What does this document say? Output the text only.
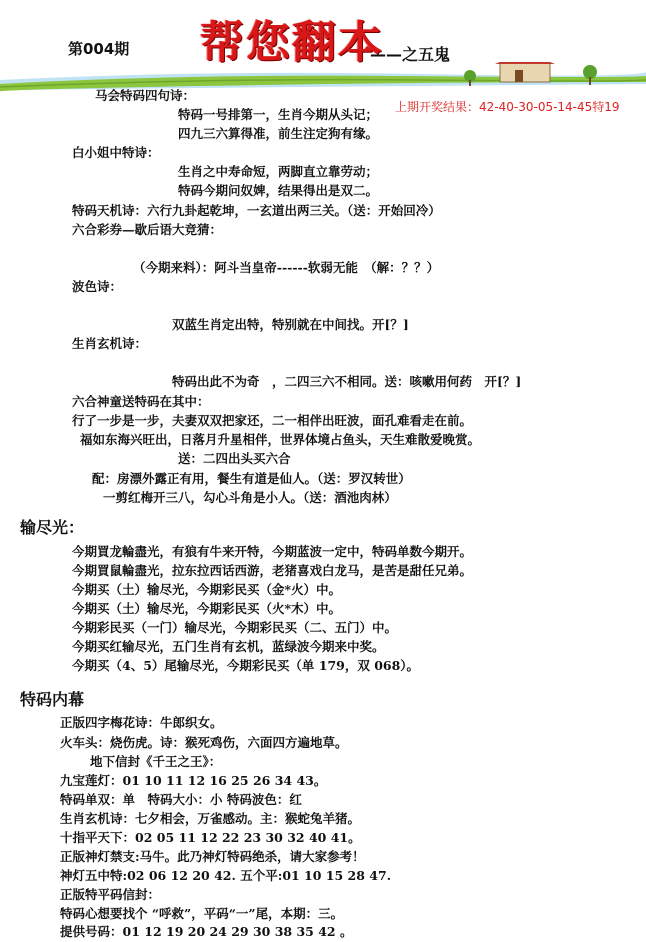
第004期 帮您翻本
——之五鬼
上期开奖结果：42-40-30-05-14-45特19
马会特码四句诗：
特码一号排第一，生肖今期从头记；
四九三六算得准，前生注定狗有缘。
白小姐中特诗：
生肖之中寿命短，两脚直立靠劳动；
特码今期问奴婢，结果得出是双二。
特码天机诗：六行九卦起乾坤，一玄道出两三关。（送：开始回冷）
六合彩券—歇后语大竞猜：
（今期来料）：阿斗当皇帝------软弱无能　（解：？？）
波色诗：
双蓝生肖定出特，特别就在中间找。开[？]
生肖玄机诗：
特码出此不为奇　，二四三六不相同。送：咳嗽用何药　开[？]
六合神童送特码在其中：
行了一步是一步，夫妻双双把家还，二一相伴出旺波，面孔难看走在前。
福如东海兴旺出，日落月升星相伴，世界体境占鱼头，天生难散爱晚赏。
送：二四出头买六合
配：房漂外露正有用，餐生有道是仙人。（送：罗汉转世）
一剪红梅开三八，勾心斗角是小人。（送：酒池肉林）
输尽光：
今期買龙輪盡光，有狼有牛来开特，今期蓝波一定中，特码单数今期开。
今期買鼠輪盡光，拉东拉西话西游，老猪喜戏白龙马，是苦是甜任兄弟。
今期买（土）输尽光，今期彩民买（金*火）中。
今期买（土）输尽光，今期彩民买（火*木）中。
今期彩民买（一门）输尽光，今期彩民买（二、五门）中。
今期买红输尽光，五门生肖有玄机，蓝绿波今期来中奖。
今期买（4、5）尾输尽光，今期彩民买（单 179，双 068）。
特码内幕
正版四字梅花诗：牛郎织女。
火车头：烧伤虎。诗：猴死鸡伤，六面四方遍地草。
地下信封《千王之王》：
九宝莲灯：01 10 11 12 16 25 26 34 43。
特码单双：单　特码大小：小 特码波色：红
生肖玄机诗：七夕相会，万雀感动。主：猴蛇兔羊猪。
十指平天下：02 05 11 12 22 23 30 32 40 41。
正版神灯禁支:马牛。此乃神灯特码绝杀，请大家参考！
神灯五中特:02 06 12 20 42. 五个平:01 10 15 28 47.
正版特平码信封：
特码心想要找个 “呼救”，平码“一”尾，本期：三。
提供号码：01 12 19 20 24 29 30 38 35 42 。
